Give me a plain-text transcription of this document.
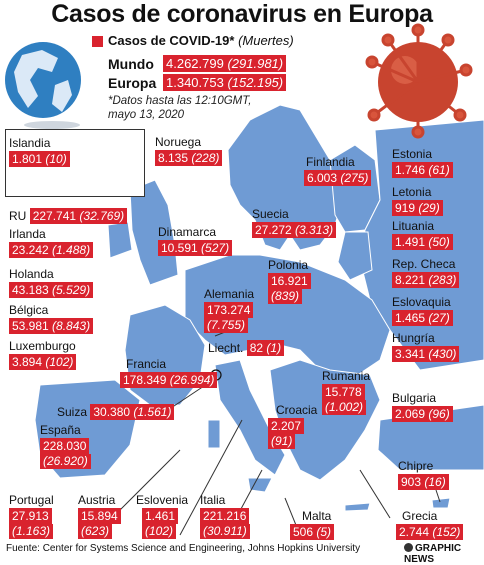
Casos de coronavirus en Europa
Casos de COVID-19* (Muertes)
Mundo 4.262.799 (291.981)
Europa 1.340.753 (152.195)
*Datos hasta las 12:10GMT, mayo 13, 2020
Islandia
1.801 (10)
Noruega
8.135 (228)	Finlandia
6.003 (275)
Estonia
1.746 (61)
Letonia
919 (29)
Lituania
1.491 (50)
RU 227.741 (32.769)
Irlanda
23.242 (1.488)
Dinamarca
10.591 (527)
Suecia
27.272 (3.313)
Polonia
16.921
(839)
Holanda
43.183 (5.529)
Bélgica
53.981 (8.843)
Alemania
173.274
(7.755)
Rep. Checa
8.221 (283)
Eslovaquia
1.465 (27)
Luxemburgo
3.894 (102)
Liecht. 82 (1)
Hungría
3.341 (430)
Francia
178.349 (26.994)	Rumania
15.778
(1.002)
Suiza 30.380 (1.561)	Croacia
2.207
(91)
Bulgaria
2.069 (96)
España
228.030
(26.920)	Chipre
903 (16)
Portugal
27.913
(1.163)
Austria
15.894
(623)
Eslovenia
1.461
(102)
Italia
221.216
(30.911)
Malta
506 (5)
Grecia
2.744 (152)
Fuente: Center for Systems Science and Engineering, Johns Hopkins University	GRAPHIC NEWS
